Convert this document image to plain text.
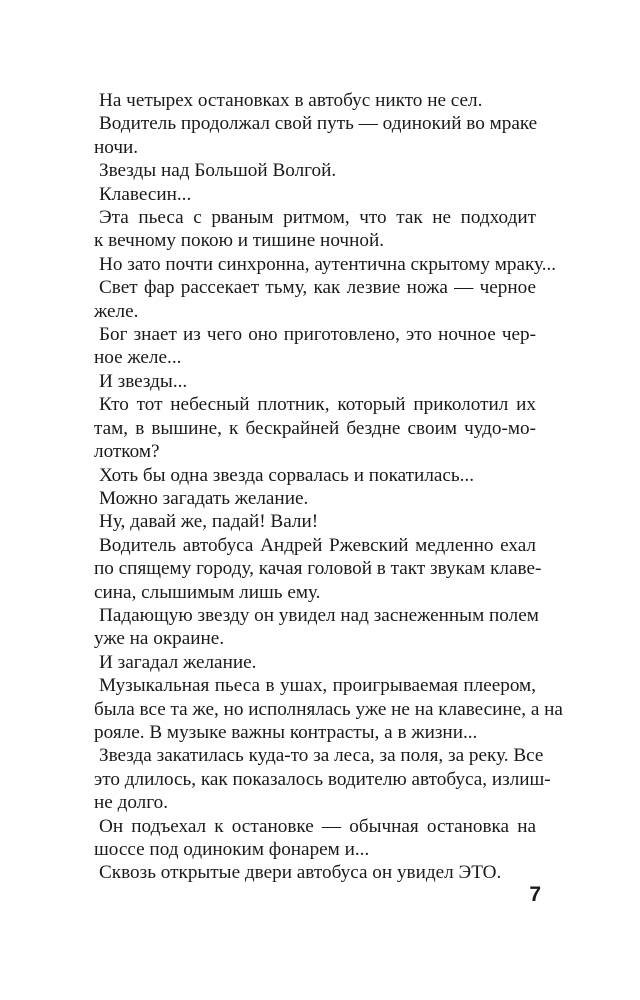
На четырех остановках в автобус никто не сел.

Водитель продолжал свой путь — одинокий во мраке
ночи.

Звезды над Большой Волгой.

Клавесин...

Эта пьеса с рваным ритмом, что так не подходит
к вечному покою и тишине ночной.

Но зато почти синхронна, аутентична скрытому мраку...

Свет фар рассекает тьму, как лезвие ножа — черное
желе.

Бог знает из чего оно приготовлено, это ночное чер-
ное желе...

И звезды...

Кто тот небесный плотник, который приколотил их
там, в вышине, к бескрайней бездне своим чудо-мо-
лотком?

Хоть бы одна звезда сорвалась и покатилась...

Можно загадать желание.

Ну, давай же, падай! Вали!

Водитель автобуса Андрей Ржевский медленно ехал
по спящему городу, качая головой в такт звукам клаве-
сина, слышимым лишь ему.

Падающую звезду он увидел над заснеженным полем
уже на окраине.

И загадал желание.

Музыкальная пьеса в ушах, проигрываемая плеером,
была все та же, но исполнялась уже не на клавесине, а на
рояле. В музыке важны контрасты, а в жизни...

Звезда закатилась куда-то за леса, за поля, за реку. Все
это длилось, как показалось водителю автобуса, излиш-
не долго.

Он подъехал к остановке — обычная остановка на
шоссе под одиноким фонарем и...

Сквозь открытые двери автобуса он увидел ЭТО.

7
